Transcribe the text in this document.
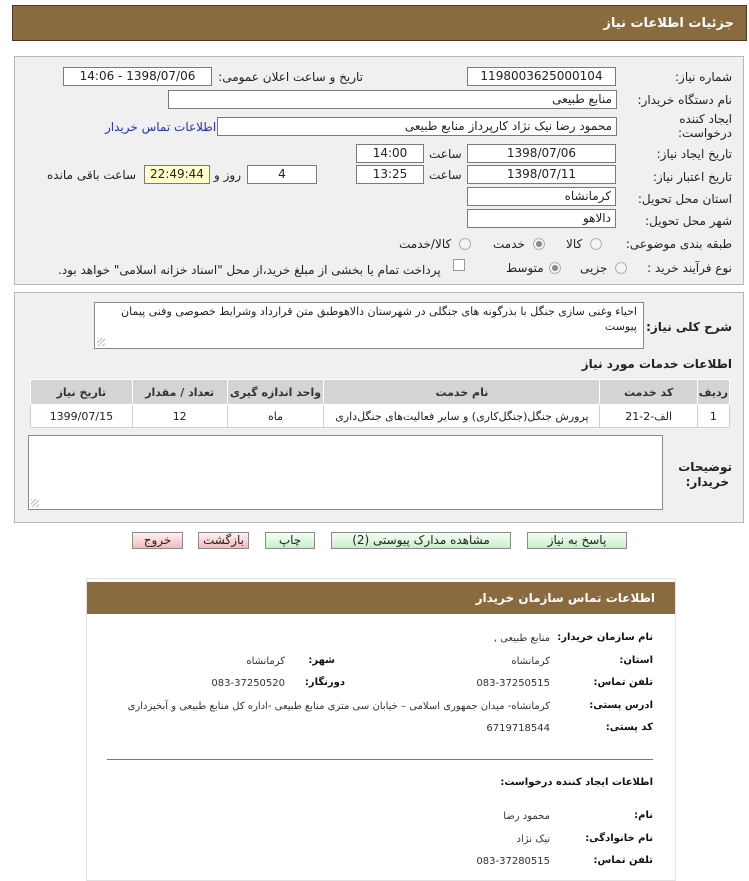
جزئیات اطلاعات نیاز
شماره نیاز:
1198003625000104
تاریخ و ساعت اعلان عمومی:
1398/07/06 - 14:06
نام دستگاه خریدار:
منابع طبیعی
ایجاد کننده
درخواست:
محمود رضا نیک نژاد کارپرداز منابع طبیعی
اطلاعات تماس خریدار
تاریخ ایجاد نیاز:
1398/07/06
ساعت
14:00
تاریخ اعتبار نیاز:
1398/07/11
ساعت
13:25
4
روز و
22:49:44
ساعت باقی مانده
استان محل تحویل:
کرمانشاه
شهر محل تحویل:
دالاهو
طبقه بندی موضوعی:
کالا
خدمت
کالا/خدمت
نوع فرآیند خرید :
جزیی
متوسط
پرداخت تمام یا بخشی از مبلغ خرید،از محل "اسناد خزانه اسلامی" خواهد بود.
شرح کلی نیاز:
احیاء وغنی سازی جنگل با بذرگونه های جنگلی در شهرستان دالاهوطبق متن قرارداد وشرایط خصوصی وفنی پیمان پیوست
اطلاعات خدمات مورد نیاز
ردیف	کد خدمت	نام خدمت	واحد اندازه گیری	تعداد / مقدار	تاریخ نیاز
1	الف-2-21	پرورش جنگل(جنگل‌کاری) و سایر فعالیت‌های جنگل‌داری	ماه	12	1399/07/15
توضیحات
خریدار:
پاسخ به نیاز
مشاهده مدارک پیوستی (2)
چاپ
بازگشت
خروج
اطلاعات تماس سازمان خریدار
نام سازمان خریدار:
منابع طبیعی ,
استان:
کرمانشاه
شهر:
کرمانشاه
تلفن تماس:
083-37250515
دورنگار:
083-37250520
ادرس پستی:
کرمانشاه- میدان جمهوری اسلامی – خیابان سی متری منابع طبیعی -اداره کل منابع طبیعی و آبخیزداری
کد پستی:
6719718544
اطلاعات ایجاد کننده درخواست:
نام:
محمود رضا
نام خانوادگی:
نیک نژاد
تلفن تماس:
083-37280515
